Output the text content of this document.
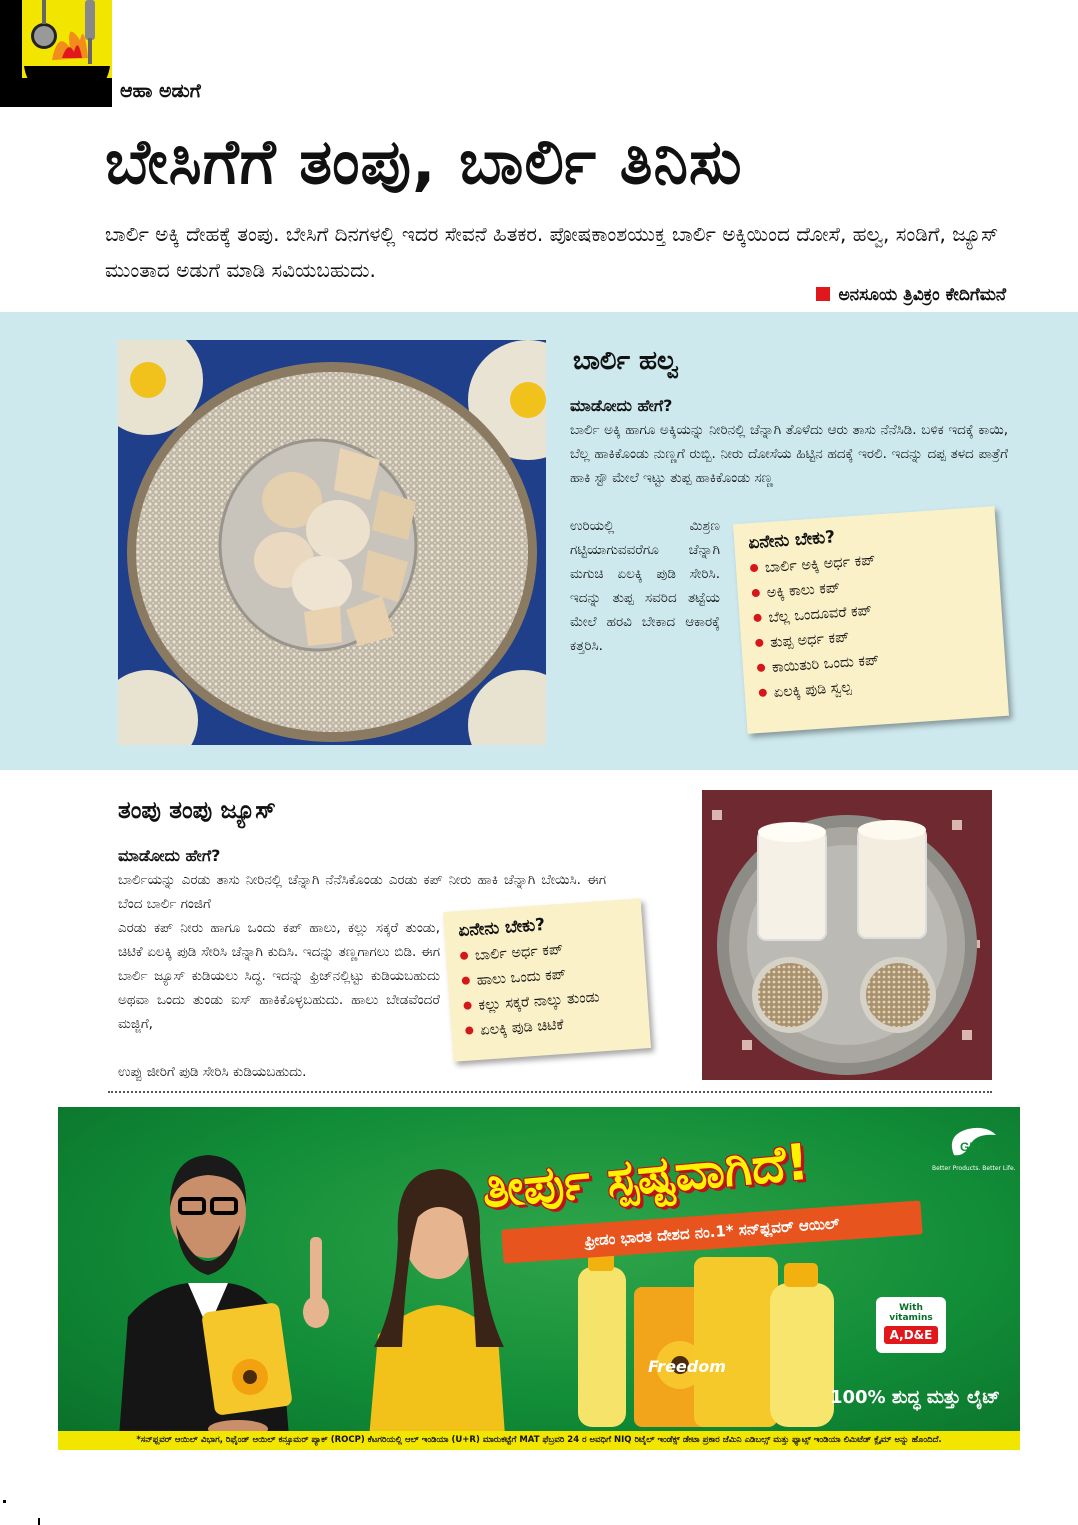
ಆಹಾ ಅಡುಗೆ
ಬೇಸಿಗೆಗೆ ತಂಪು, ಬಾರ್ಲಿ ತಿನಿಸು
ಬಾರ್ಲಿ ಅಕ್ಕಿ ದೇಹಕ್ಕೆ ತಂಪು. ಬೇಸಿಗೆ ದಿನಗಳಲ್ಲಿ ಇದರ ಸೇವನೆ ಹಿತಕರ. ಪೋಷಕಾಂಶಯುಕ್ತ ಬಾರ್ಲಿ ಅಕ್ಕಿಯಿಂದ ದೋಸೆ, ಹಲ್ವ, ಸಂಡಿಗೆ, ಜ್ಯೂಸ್ ಮುಂತಾದ ಅಡುಗೆ ಮಾಡಿ ಸವಿಯಬಹುದು.
ಅನಸೂಯ ತ್ರಿವಿಕ್ರಂ ಕೇದಿಗೆಮನೆ
ಬಾರ್ಲಿ ಹಲ್ವ
ಮಾಡೋದು ಹೇಗೆ?
ಬಾರ್ಲಿ ಅಕ್ಕಿ ಹಾಗೂ ಅಕ್ಕಿಯನ್ನು ನೀರಿನಲ್ಲಿ ಚೆನ್ನಾಗಿ ತೊಳೆದು ಆರು ತಾಸು ನೆನೆಸಿಡಿ. ಬಳಿಕ ಇದಕ್ಕೆ ಕಾಯಿ, ಬೆಲ್ಲ ಹಾಕಿಕೊಂಡು ನುಣ್ಣಗೆ ರುಬ್ಬಿ. ನೀರು ದೋಸೆಯ ಹಿಟ್ಟಿನ ಹದಕ್ಕೆ ಇರಲಿ. ಇದನ್ನು ದಪ್ಪ ತಳದ ಪಾತ್ರೆಗೆ ಹಾಕಿ ಸ್ಟೌ ಮೇಲೆ ಇಟ್ಟು ತುಪ್ಪ ಹಾಕಿಕೊಂಡು ಸಣ್ಣ
ಉರಿಯಲ್ಲಿ ಮಿಶ್ರಣ ಗಟ್ಟಿಯಾಗುವವರೆಗೂ ಚೆನ್ನಾಗಿ ಮಗುಚಿ ಏಲಕ್ಕಿ ಪುಡಿ ಸೇರಿಸಿ. ಇದನ್ನು ತುಪ್ಪ ಸವರಿದ ತಟ್ಟೆಯ ಮೇಲೆ ಹರವಿ ಬೇಕಾದ ಆಕಾರಕ್ಕೆ ಕತ್ತರಿಸಿ.
ಏನೇನು ಬೇಕು?
ಬಾರ್ಲಿ ಅಕ್ಕಿ ಅರ್ಧ ಕಪ್
ಅಕ್ಕಿ ಕಾಲು ಕಪ್
ಬೆಲ್ಲ ಒಂದೂವರೆ ಕಪ್
ತುಪ್ಪ ಅರ್ಧ ಕಪ್
ಕಾಯಿತುರಿ ಒಂದು ಕಪ್
ಏಲಕ್ಕಿ ಪುಡಿ ಸ್ವಲ್ಪ
ತಂಪು ತಂಪು ಜ್ಯೂಸ್
ಮಾಡೋದು ಹೇಗೆ?
ಬಾರ್ಲಿಯನ್ನು ಎರಡು ತಾಸು ನೀರಿನಲ್ಲಿ ಚೆನ್ನಾಗಿ ನೆನೆಸಿಕೊಂಡು ಎರಡು ಕಪ್ ನೀರು ಹಾಕಿ ಚೆನ್ನಾಗಿ ಬೇಯಿಸಿ. ಈಗ ಬೆಂದ ಬಾರ್ಲಿ ಗಂಜಿಗೆ
ಎರಡು ಕಪ್ ನೀರು ಹಾಗೂ ಒಂದು ಕಪ್ ಹಾಲು, ಕಲ್ಲು ಸಕ್ಕರೆ ತುಂಡು, ಚಿಟಿಕೆ ಏಲಕ್ಕಿ ಪುಡಿ ಸೇರಿಸಿ ಚೆನ್ನಾಗಿ ಕುದಿಸಿ. ಇದನ್ನು ತಣ್ಣಗಾಗಲು ಬಿಡಿ. ಈಗ ಬಾರ್ಲಿ ಜ್ಯೂಸ್ ಕುಡಿಯಲು ಸಿದ್ಧ. ಇದನ್ನು ಫ್ರಿಜ್‌ನಲ್ಲಿಟ್ಟು ಕುಡಿಯಬಹುದು ಅಥವಾ ಒಂದು ತುಂಡು ಐಸ್ ಹಾಕಿಕೊಳ್ಳಬಹುದು. ಹಾಲು ಬೇಡವೆಂದರೆ ಮಜ್ಜಿಗೆ,
ಉಪ್ಪು ಜೀರಿಗೆ ಪುಡಿ ಸೇರಿಸಿ ಕುಡಿಯಬಹುದು.
ಏನೇನು ಬೇಕು?
ಬಾರ್ಲಿ ಅರ್ಧ ಕಪ್
ಹಾಲು ಒಂದು ಕಪ್
ಕಲ್ಲು ಸಕ್ಕರೆ ನಾಲ್ಕು ತುಂಡು
ಏಲಕ್ಕಿ ಪುಡಿ ಚಿಟಿಕೆ
ತೀರ್ಪು ಸ್ಪಷ್ಟವಾಗಿದೆ!
ಫ್ರೀಡಂ ಭಾರತ ದೇಶದ ನಂ.1* ಸನ್‌ಫ್ಲವರ್ ಆಯಿಲ್
GEF
Better Products. Better Life.
With vitamins
A,D&E
Freedom
100% ಶುದ್ಧ ಮತ್ತು ಲೈಟ್
*ಸನ್‌ಫ್ಲವರ್ ಆಯಿಲ್ ವಿಭಾಗ, ರಿಫೈಂಡ್ ಆಯಿಲ್ ಕನ್ಸೂಮರ್ ಪ್ಯಾಕ್ (ROCP) ಕೆಟಗರಿಯಲ್ಲಿ ಆಲ್ ಇಂಡಿಯಾ (U+R) ಮಾರುಕಟ್ಟೆಗೆ MAT ಫೆಬ್ರವರಿ 24 ರ ಅವಧಿಗೆ NIQ ರಿಟೈಲ್ ಇಂಡೆಕ್ಸ್ ಡೇಟಾ ಪ್ರಕಾರ ಜೆಮಿನಿ ಎಡಿಬಲ್ಸ್ ಮತ್ತು ಫ್ಯಾಟ್ಸ್ ಇಂಡಿಯಾ ಲಿಮಿಟೆಡ್ ಕ್ಲೈಮ್ ಅನ್ನು ಹೊಂದಿದೆ.
